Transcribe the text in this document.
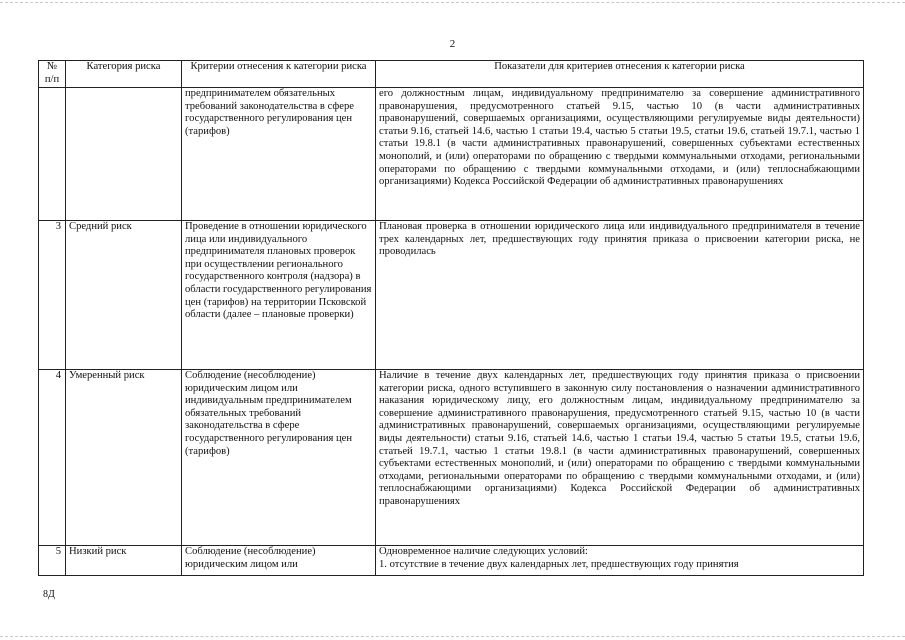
2
№
п/п	Категория риска	Критерии отнесения к категории риска	Показатели для критериев отнесения к категории риска
		предпринимателем обязательных требований законодательства в сфере государственного регулирования цен (тарифов)	его должностным лицам, индивидуальному предпринимателю за совершение административного правонарушения, предусмотренного статьей 9.15, частью 10 (в части административных правонарушений, совершаемых организациями, осуществляющими регулируемые виды деятельности) статьи 9.16, статьей 14.6, частью 1 статьи 19.4, частью 5 статьи 19.5, статьи 19.6, статьей 19.7.1, частью 1 статьи 19.8.1 (в части административных правонарушений, совершенных субъектами естественных монополий, и (или) операторами по обращению с твердыми коммунальными отходами, региональными операторами по обращению с твердыми коммунальными отходами, и (или) теплоснабжающими организациями) Кодекса Российской Федерации об административных правонарушениях
3	Средний риск	Проведение в отношении юридического лица или индивидуального предпринимателя плановых проверок при осуществлении регионального государственного контроля (надзора) в области государственного регулирования цен (тарифов) на территории Псковской области (далее – плановые проверки)	Плановая проверка в отношении юридического лица или индивидуального предпринимателя в течение трех календарных лет, предшествующих году принятия приказа о присвоении категории риска, не проводилась
4	Умеренный риск	Соблюдение (несоблюдение) юридическим лицом или индивидуальным предпринимателем обязательных требований законодательства в сфере государственного регулирования цен (тарифов)	Наличие в течение двух календарных лет, предшествующих году принятия приказа о присвоении категории риска, одного вступившего в законную силу постановления о назначении административного наказания юридическому лицу, его должностным лицам, индивидуальному предпринимателю за совершение административного правонарушения, предусмотренного статьей 9.15, частью 10 (в части административных правонарушений, совершаемых организациями, осуществляющими регулируемые виды деятельности) статьи 9.16, статьей 14.6, частью 1 статьи 19.4, частью 5 статьи 19.5, статьи 19.6, статьей 19.7.1, частью 1 статьи 19.8.1 (в части административных правонарушений, совершенных субъектами естественных монополий, и (или) операторами по обращению с твердыми коммунальными отходами, региональными операторами по обращению с твердыми коммунальными отходами, и (или) теплоснабжающими организациями) Кодекса Российской Федерации об административных правонарушениях
5	Низкий риск	Соблюдение (несоблюдение) юридическим лицом или	Одновременное наличие следующих условий:
1. отсутствие в течение двух календарных лет, предшествующих году принятия
8Д
